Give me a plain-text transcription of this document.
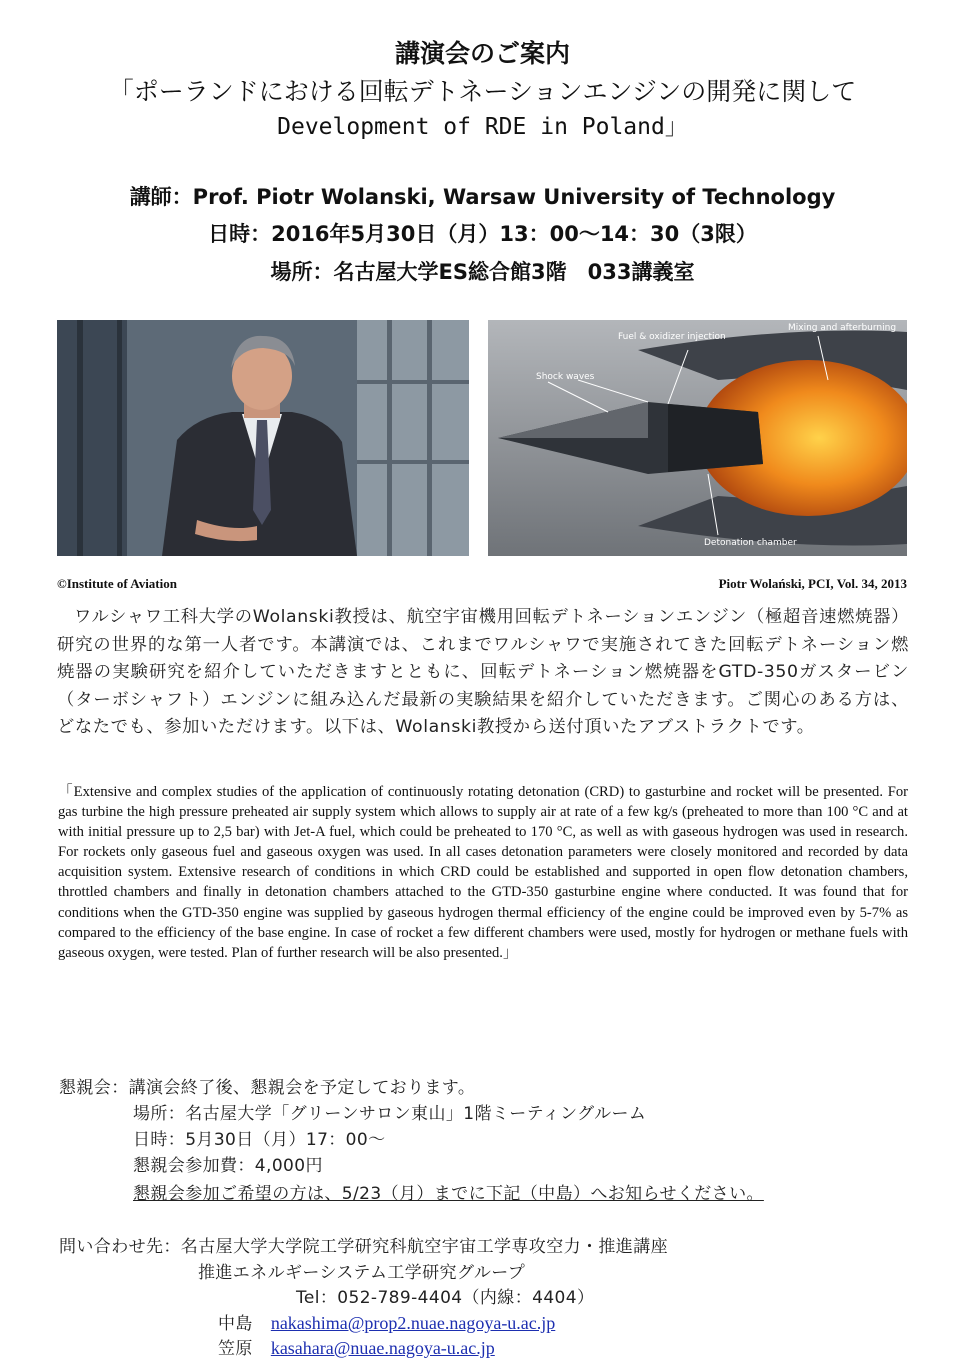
講演会のご案内
「ポーランドにおける回転デトネーションエンジンの開発に関して
Development of RDE in Poland」
講師：Prof. Piotr Wolanski, Warsaw University of Technology
日時：2016年5月30日（月）13：00～14：30（3限）
場所：名古屋大学ES総合館3階　033講義室
Fuel & oxidizer injection
Mixing and afterburning
Shock waves
Detonation chamber
©Institute of Aviation	Piotr Wolański, PCI, Vol. 34, 2013
ワルシャワ工科大学のWolanski教授は、航空宇宙機用回転デトネーションエンジン（極超音速燃焼器）研究の世界的な第一人者です。本講演では、これまでワルシャワで実施されてきた回転デトネーション燃焼器の実験研究を紹介していただきますとともに、回転デトネーション燃焼器をGTD-350ガスタービン（ターボシャフト）エンジンに組み込んだ最新の実験結果を紹介していただきます。ご関心のある方は、どなたでも、参加いただけます。以下は、Wolanski教授から送付頂いたアブストラクトです。
「Extensive and complex studies of the application of continuously rotating detonation (CRD) to gasturbine and rocket will be presented. For gas turbine the high pressure preheated air supply system which allows to supply air at rate of a few kg/s (preheated to more than 100 °C and at with initial pressure up to 2,5 bar) with Jet-A fuel, which could be preheated to 170 °C, as well as with gaseous hydrogen was used in research. For rockets only gaseous fuel and gaseous oxygen was used. In all cases detonation parameters were closely monitored and recorded by data acquisition system. Extensive research of conditions in which CRD could be established and supported in open flow detonation chambers, throttled chambers and finally in detonation chambers attached to the GTD-350 gasturbine engine where conducted. It was found that for conditions when the GTD-350 engine was supplied by gaseous hydrogen thermal efficiency of the engine could be improved even by 5-7% as compared to the efficiency of the base engine. In case of rocket a few different chambers were used, mostly for hydrogen or methane fuels with gaseous oxygen, were tested. Plan of further research will be also presented.」
懇親会：講演会終了後、懇親会を予定しております。
場所：名古屋大学「グリーンサロン東山」1階ミーティングルーム
日時：5月30日（月）17：00～
懇親会参加費：4,000円
懇親会参加ご希望の方は、5/23（月）までに下記（中島）へお知らせください。
問い合わせ先：名古屋大学大学院工学研究科航空宇宙工学専攻空力・推進講座
推進エネルギーシステム工学研究グループ
Tel：052-789-4404（内線：4404）
中島 nakashima@prop2.nuae.nagoya-u.ac.jp
笠原 kasahara@nuae.nagoya-u.ac.jp
